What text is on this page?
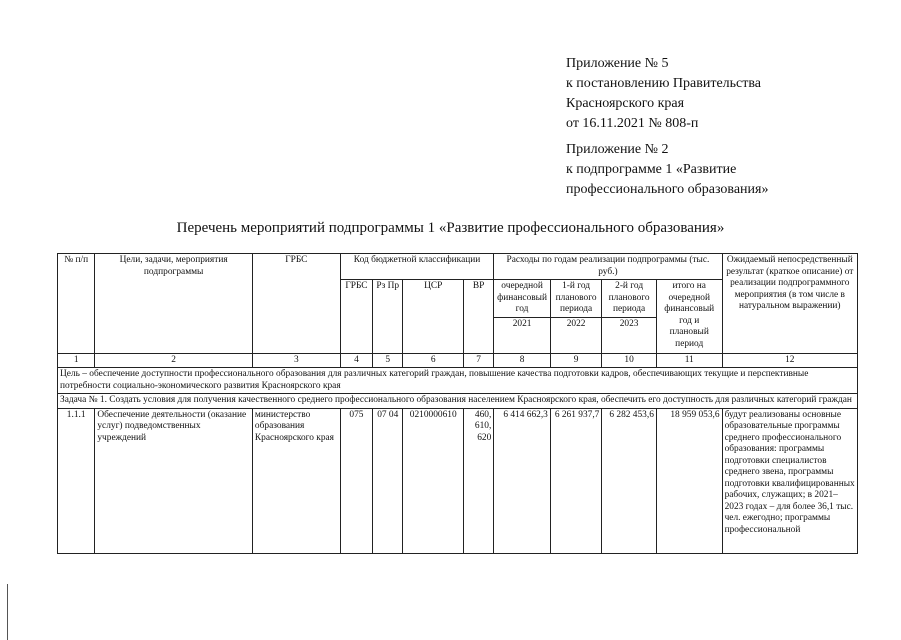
Приложение № 5
к постановлению Правительства
Красноярского края
от 16.11.2021 № 808-п
Приложение № 2
к подпрограмме 1 «Развитие
профессионального образования»
Перечень мероприятий подпрограммы 1 «Развитие профессионального образования»
№ п/п	Цели, задачи, мероприятия подпрограммы	ГРБС	Код бюджетной классификации				Расходы по годам реализации подпрограммы (тыс. руб.)				Ожидаемый непосредственный результат (краткое описание) от реализации подпрограммного мероприятия (в том числе в натуральном выражении)
			ГРБС	Рз Пр	ЦСР	ВР	очередной финансовый год	1-й год планового периода	2-й год планового периода	итого на очередной финансовый год и плановый период	
							2021	2022	2023		
1	2	3	4	5	6	7	8	9	10	11	12
Цель – обеспечение доступности профессионального образования для различных категорий граждан, повышение качества подготовки кадров, обеспечивающих текущие и перспективные потребности социально-экономического развития Красноярского края											
Задача № 1. Создать условия для получения качественного среднего профессионального образования населением Красноярского края, обеспечить его доступность для различных категорий граждан											
1.1.1	Обеспечение деятельности (оказание услуг) подведомственных учреждений	министерство образования Красноярского края	075	07 04	0210000610	460, 610, 620	6 414 662,3	6 261 937,7	6 282 453,6	18 959 053,6	будут реализованы основные образовательные программы среднего профессионального образования: программы подготовки специалистов среднего звена, программы подготовки квалифицированных рабочих, служащих; в 2021–2023 годах – для более 36,1 тыс. чел. ежегодно; программы профессиональной
